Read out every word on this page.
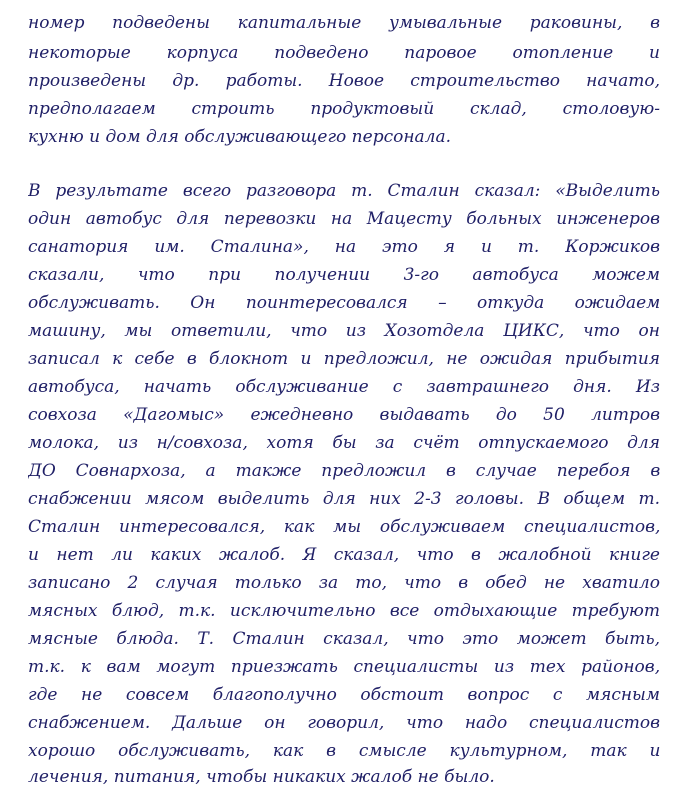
номер подведены капитальные умывальные раковины, в

некоторые корпуса подведено паровое отопление и

произведены др. работы. Новое строительство начато,

предполагаем строить продуктовый склад, столовую-

кухню и дом для обслуживающего персонала.

В результате всего разговора т. Сталин сказал: «Выделить

один автобус для перевозки на Мацесту больных инженеров

санатория им. Сталина», на это я и т. Коржиков

сказали, что при получении 3-го автобуса можем

обслуживать. Он поинтересовался – откуда ожидаем

машину, мы ответили, что из Хозотдела ЦИКС, что он

записал к себе в блокнот и предложил, не ожидая прибытия

автобуса, начать обслуживание с завтрашнего дня. Из

совхоза «Дагомыс» ежедневно выдавать до 50 литров

молока, из н/совхоза, хотя бы за счёт отпускаемого для

ДО Совнархоза, а также предложил в случае перебоя в

снабжении мясом выделить для них 2-3 головы. В общем т.

Сталин интересовался, как мы обслуживаем специалистов,

и нет ли каких жалоб. Я сказал, что в жалобной книге

записано 2 случая только за то, что в обед не хватило

мясных блюд, т.к. исключительно все отдыхающие требуют

мясные блюда. Т. Сталин сказал, что это может быть,

т.к. к вам могут приезжать специалисты из тех районов,

где не совсем благополучно обстоит вопрос с мясным

снабжением. Дальше он говорил, что надо специалистов

хорошо обслуживать, как в смысле культурном, так и

лечения, питания, чтобы никаких жалоб не было.
